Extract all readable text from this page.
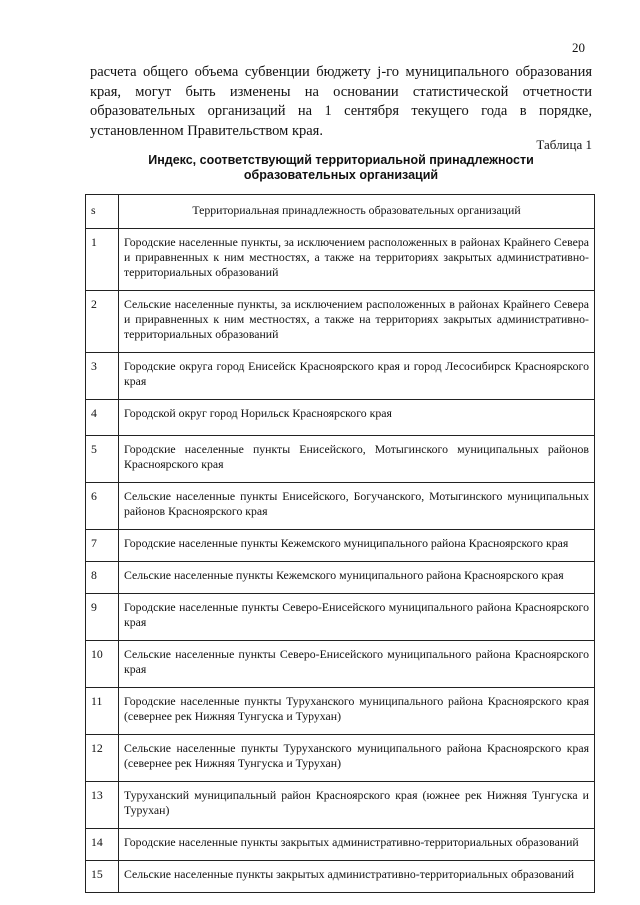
20
расчета общего объема субвенции бюджету j-го муниципального образования края, могут быть изменены на основании статистической отчетности образовательных организаций на 1 сентября текущего года в порядке, установленном Правительством края.
Таблица 1
Индекс, соответствующий территориальной принадлежности
образовательных организаций
s	Территориальная принадлежность образовательных организаций
1	Городские населенные пункты, за исключением расположенных в районах Крайнего Севера и приравненных к ним местностях, а также на территориях закрытых административно-территориальных образований
2	Сельские населенные пункты, за исключением расположенных в районах Крайнего Севера и приравненных к ним местностях, а также на территориях закрытых административно-территориальных образований
3	Городские округа город Енисейск Красноярского края и город Лесосибирск Красноярского края
4	Городской округ город Норильск Красноярского края
5	Городские населенные пункты Енисейского, Мотыгинского муниципальных районов Красноярского края
6	Сельские населенные пункты Енисейского, Богучанского, Мотыгинского муниципальных районов Красноярского края
7	Городские населенные пункты Кежемского муниципального района Красноярского края
8	Сельские населенные пункты Кежемского муниципального района Красноярского края
9	Городские населенные пункты Северо-Енисейского муниципального района Красноярского края
10	Сельские населенные пункты Северо-Енисейского муниципального района Красноярского края
11	Городские населенные пункты Туруханского муниципального района Красноярского края (севернее рек Нижняя Тунгуска и Турухан)
12	Сельские населенные пункты Туруханского муниципального района Красноярского края (севернее рек Нижняя Тунгуска и Турухан)
13	Туруханский муниципальный район Красноярского края (южнее рек Нижняя Тунгуска и Турухан)
14	Городские населенные пункты закрытых административно-территориальных образований
15	Сельские населенные пункты закрытых административно-территориальных образований
